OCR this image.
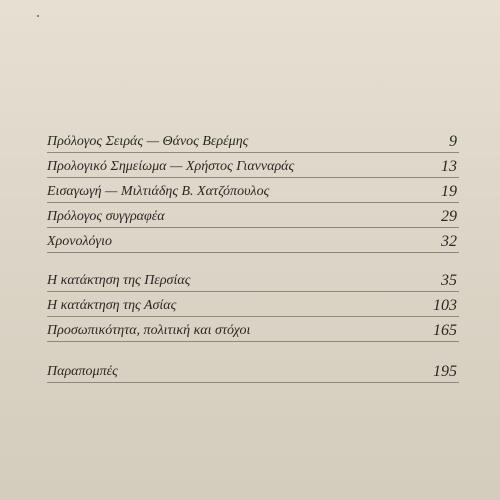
Πρόλογος Σειράς — Θάνος Βερέμης	9
Προλογικό Σημείωμα — Χρήστος Γιανναράς	13
Εισαγωγή — Μιλτιάδης Β. Χατζόπουλος	19
Πρόλογος συγγραφέα	29
Χρονολόγιο	32
Η κατάκτηση της Περσίας	35
Η κατάκτηση της Ασίας	103
Προσωπικότητα, πολιτική και στόχοι	165
Παραπομπές	195
